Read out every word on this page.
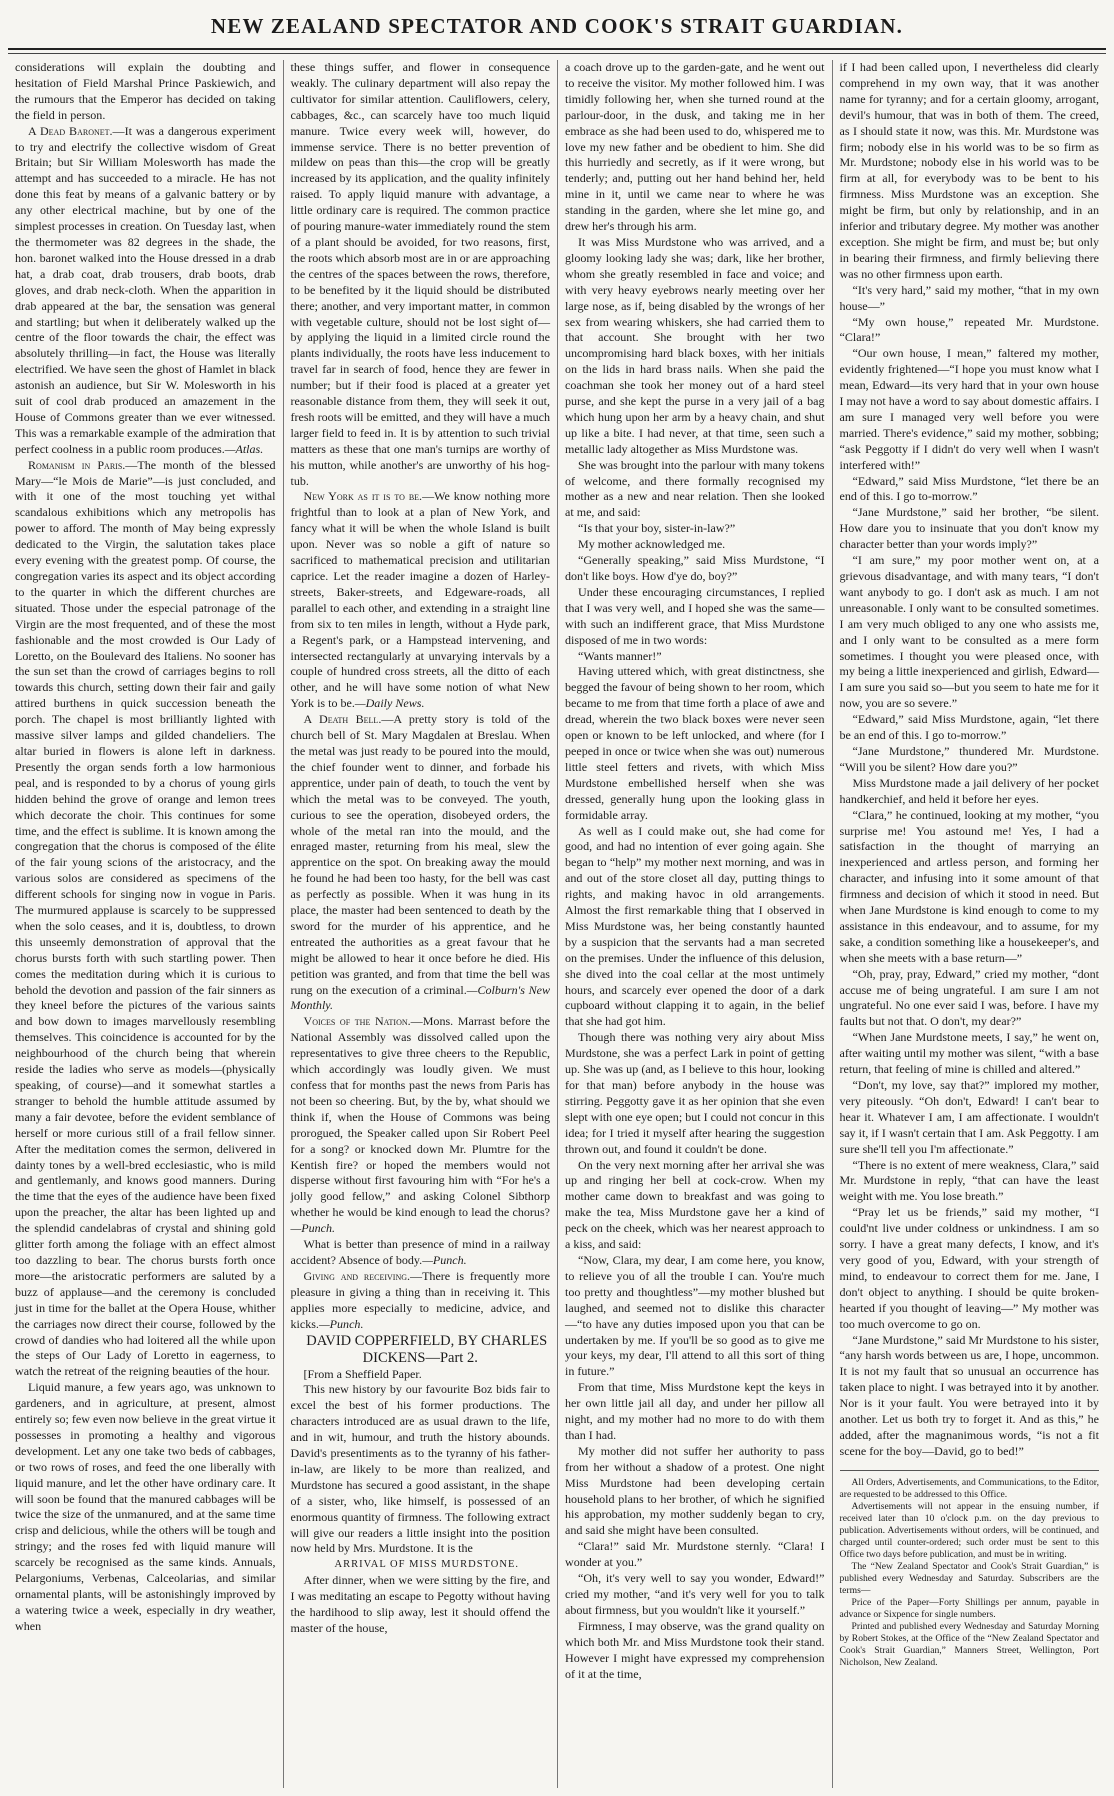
NEW ZEALAND SPECTATOR AND COOK'S STRAIT GUARDIAN.

considerations will explain the doubting and hesitation of Field Marshal Prince Paskiewich, and the rumours that the Emperor has decided on taking the field in person.

A Dead Baronet.—It was a dangerous experiment to try and electrify the collective wisdom of Great Britain; but Sir William Molesworth has made the attempt and has succeeded to a miracle. He has not done this feat by means of a galvanic battery or by any other electrical machine, but by one of the simplest processes in creation. On Tuesday last, when the thermometer was 82 degrees in the shade, the hon. baronet walked into the House dressed in a drab hat, a drab coat, drab trousers, drab boots, drab gloves, and drab neck-cloth. When the apparition in drab appeared at the bar, the sensation was general and startling; but when it deliberately walked up the centre of the floor towards the chair, the effect was absolutely thrilling—in fact, the House was literally electrified. We have seen the ghost of Hamlet in black astonish an audience, but Sir W. Molesworth in his suit of cool drab produced an amazement in the House of Commons greater than we ever witnessed. This was a remarkable example of the admiration that perfect coolness in a public room produces.—Atlas.

Romanism in Paris.—The month of the blessed Mary—“le Mois de Marie”—is just concluded, and with it one of the most touching yet withal scandalous exhibitions which any metropolis has power to afford. The month of May being expressly dedicated to the Virgin, the salutation takes place every evening with the greatest pomp. Of course, the congregation varies its aspect and its object according to the quarter in which the different churches are situated. Those under the especial patronage of the Virgin are the most frequented, and of these the most fashionable and the most crowded is Our Lady of Loretto, on the Boulevard des Italiens. No sooner has the sun set than the crowd of carriages begins to roll towards this church, setting down their fair and gaily attired burthens in quick succession beneath the porch. The chapel is most brilliantly lighted with massive silver lamps and gilded chandeliers. The altar buried in flowers is alone left in darkness. Presently the organ sends forth a low harmonious peal, and is responded to by a chorus of young girls hidden behind the grove of orange and lemon trees which decorate the choir. This continues for some time, and the effect is sublime. It is known among the congregation that the chorus is composed of the élite of the fair young scions of the aristocracy, and the various solos are considered as specimens of the different schools for singing now in vogue in Paris. The murmured applause is scarcely to be suppressed when the solo ceases, and it is, doubtless, to drown this unseemly demonstration of approval that the chorus bursts forth with such startling power. Then comes the meditation during which it is curious to behold the devotion and passion of the fair sinners as they kneel before the pictures of the various saints and bow down to images marvellously resembling themselves. This coincidence is accounted for by the neighbourhood of the church being that wherein reside the ladies who serve as models—(physically speaking, of course)—and it somewhat startles a stranger to behold the humble attitude assumed by many a fair devotee, before the evident semblance of herself or more curious still of a frail fellow sinner. After the meditation comes the sermon, delivered in dainty tones by a well-bred ecclesiastic, who is mild and gentlemanly, and knows good manners. During the time that the eyes of the audience have been fixed upon the preacher, the altar has been lighted up and the splendid candelabras of crystal and shining gold glitter forth among the foliage with an effect almost too dazzling to bear. The chorus bursts forth once more—the aristocratic performers are saluted by a buzz of applause—and the ceremony is concluded just in time for the ballet at the Opera House, whither the carriages now direct their course, followed by the crowd of dandies who had loitered all the while upon the steps of Our Lady of Loretto in eagerness, to watch the retreat of the reigning beauties of the hour.

Liquid manure, a few years ago, was unknown to gardeners, and in agriculture, at present, almost entirely so; few even now believe in the great virtue it possesses in promoting a healthy and vigorous development. Let any one take two beds of cabbages, or two rows of roses, and feed the one liberally with liquid manure, and let the other have ordinary care. It will soon be found that the manured cabbages will be twice the size of the unmanured, and at the same time crisp and delicious, while the others will be tough and stringy; and the roses fed with liquid manure will scarcely be recognised as the same kinds. Annuals, Pelargoniums, Verbenas, Calceolarias, and similar ornamental plants, will be astonishingly improved by a watering twice a week, especially in dry weather, when

these things suffer, and flower in consequence weakly. The culinary department will also repay the cultivator for similar attention. Cauliflowers, celery, cabbages, &c., can scarcely have too much liquid manure. Twice every week will, however, do immense service. There is no better prevention of mildew on peas than this—the crop will be greatly increased by its application, and the quality infinitely raised. To apply liquid manure with advantage, a little ordinary care is required. The common practice of pouring manure-water immediately round the stem of a plant should be avoided, for two reasons, first, the roots which absorb most are in or are approaching the centres of the spaces between the rows, therefore, to be benefited by it the liquid should be distributed there; another, and very important matter, in common with vegetable culture, should not be lost sight of—by applying the liquid in a limited circle round the plants individually, the roots have less inducement to travel far in search of food, hence they are fewer in number; but if their food is placed at a greater yet reasonable distance from them, they will seek it out, fresh roots will be emitted, and they will have a much larger field to feed in. It is by attention to such trivial matters as these that one man's turnips are worthy of his mutton, while another's are unworthy of his hog-tub.

New York as it is to be.—We know nothing more frightful than to look at a plan of New York, and fancy what it will be when the whole Island is built upon. Never was so noble a gift of nature so sacrificed to mathematical precision and utilitarian caprice. Let the reader imagine a dozen of Harley-streets, Baker-streets, and Edgeware-roads, all parallel to each other, and extending in a straight line from six to ten miles in length, without a Hyde park, a Regent's park, or a Hampstead intervening, and intersected rectangularly at unvarying intervals by a couple of hundred cross streets, all the ditto of each other, and he will have some notion of what New York is to be.—Daily News.

A Death Bell.—A pretty story is told of the church bell of St. Mary Magdalen at Breslau. When the metal was just ready to be poured into the mould, the chief founder went to dinner, and forbade his apprentice, under pain of death, to touch the vent by which the metal was to be conveyed. The youth, curious to see the operation, disobeyed orders, the whole of the metal ran into the mould, and the enraged master, returning from his meal, slew the apprentice on the spot. On breaking away the mould he found he had been too hasty, for the bell was cast as perfectly as possible. When it was hung in its place, the master had been sentenced to death by the sword for the murder of his apprentice, and he entreated the authorities as a great favour that he might be allowed to hear it once before he died. His petition was granted, and from that time the bell was rung on the execution of a criminal.—Colburn's New Monthly.

Voices of the Nation.—Mons. Marrast before the National Assembly was dissolved called upon the representatives to give three cheers to the Republic, which accordingly was loudly given. We must confess that for months past the news from Paris has not been so cheering. But, by the by, what should we think if, when the House of Commons was being prorogued, the Speaker called upon Sir Robert Peel for a song? or knocked down Mr. Plumtre for the Kentish fire? or hoped the members would not disperse without first favouring him with “For he's a jolly good fellow,” and asking Colonel Sibthorp whether he would be kind enough to lead the chorus?—Punch.

What is better than presence of mind in a railway accident? Absence of body.—Punch.

Giving and receiving.—There is frequently more pleasure in giving a thing than in receiving it. This applies more especially to medicine, advice, and kicks.—Punch.

DAVID COPPERFIELD, BY CHARLES DICKENS—Part 2.

[From a Sheffield Paper.

This new history by our favourite Boz bids fair to excel the best of his former productions. The characters introduced are as usual drawn to the life, and in wit, humour, and truth the history abounds. David's presentiments as to the tyranny of his father-in-law, are likely to be more than realized, and Murdstone has secured a good assistant, in the shape of a sister, who, like himself, is possessed of an enormous quantity of firmness. The following extract will give our readers a little insight into the position now held by Mrs. Murdstone. It is the

ARRIVAL OF MISS MURDSTONE.

After dinner, when we were sitting by the fire, and I was meditating an escape to Pegotty without having the hardihood to slip away, lest it should offend the master of the house,

a coach drove up to the garden-gate, and he went out to receive the visitor. My mother followed him. I was timidly following her, when she turned round at the parlour-door, in the dusk, and taking me in her embrace as she had been used to do, whispered me to love my new father and be obedient to him. She did this hurriedly and secretly, as if it were wrong, but tenderly; and, putting out her hand behind her, held mine in it, until we came near to where he was standing in the garden, where she let mine go, and drew her's through his arm.

It was Miss Murdstone who was arrived, and a gloomy looking lady she was; dark, like her brother, whom she greatly resembled in face and voice; and with very heavy eyebrows nearly meeting over her large nose, as if, being disabled by the wrongs of her sex from wearing whiskers, she had carried them to that account. She brought with her two uncompromising hard black boxes, with her initials on the lids in hard brass nails. When she paid the coachman she took her money out of a hard steel purse, and she kept the purse in a very jail of a bag which hung upon her arm by a heavy chain, and shut up like a bite. I had never, at that time, seen such a metallic lady altogether as Miss Murdstone was.

She was brought into the parlour with many tokens of welcome, and there formally recognised my mother as a new and near relation. Then she looked at me, and said:

“Is that your boy, sister-in-law?”

My mother acknowledged me.

“Generally speaking,” said Miss Murdstone, “I don't like boys. How d'ye do, boy?”

Under these encouraging circumstances, I replied that I was very well, and I hoped she was the same—with such an indifferent grace, that Miss Murdstone disposed of me in two words:

“Wants manner!”

Having uttered which, with great distinctness, she begged the favour of being shown to her room, which became to me from that time forth a place of awe and dread, wherein the two black boxes were never seen open or known to be left unlocked, and where (for I peeped in once or twice when she was out) numerous little steel fetters and rivets, with which Miss Murdstone embellished herself when she was dressed, generally hung upon the looking glass in formidable array.

As well as I could make out, she had come for good, and had no intention of ever going again. She began to “help” my mother next morning, and was in and out of the store closet all day, putting things to rights, and making havoc in old arrangements. Almost the first remarkable thing that I observed in Miss Murdstone was, her being constantly haunted by a suspicion that the servants had a man secreted on the premises. Under the influence of this delusion, she dived into the coal cellar at the most untimely hours, and scarcely ever opened the door of a dark cupboard without clapping it to again, in the belief that she had got him.

Though there was nothing very airy about Miss Murdstone, she was a perfect Lark in point of getting up. She was up (and, as I believe to this hour, looking for that man) before anybody in the house was stirring. Peggotty gave it as her opinion that she even slept with one eye open; but I could not concur in this idea; for I tried it myself after hearing the suggestion thrown out, and found it couldn't be done.

On the very next morning after her arrival she was up and ringing her bell at cock-crow. When my mother came down to breakfast and was going to make the tea, Miss Murdstone gave her a kind of peck on the cheek, which was her nearest approach to a kiss, and said:

“Now, Clara, my dear, I am come here, you know, to relieve you of all the trouble I can. You're much too pretty and thoughtless”—my mother blushed but laughed, and seemed not to dislike this character—“to have any duties imposed upon you that can be undertaken by me. If you'll be so good as to give me your keys, my dear, I'll attend to all this sort of thing in future.”

From that time, Miss Murdstone kept the keys in her own little jail all day, and under her pillow all night, and my mother had no more to do with them than I had.

My mother did not suffer her authority to pass from her without a shadow of a protest. One night Miss Murdstone had been developing certain household plans to her brother, of which he signified his approbation, my mother suddenly began to cry, and said she might have been consulted.

“Clara!” said Mr. Murdstone sternly. “Clara! I wonder at you.”

“Oh, it's very well to say you wonder, Edward!” cried my mother, “and it's very well for you to talk about firmness, but you wouldn't like it yourself.”

Firmness, I may observe, was the grand quality on which both Mr. and Miss Murdstone took their stand. However I might have expressed my comprehension of it at the time,

if I had been called upon, I nevertheless did clearly comprehend in my own way, that it was another name for tyranny; and for a certain gloomy, arrogant, devil's humour, that was in both of them. The creed, as I should state it now, was this. Mr. Murdstone was firm; nobody else in his world was to be so firm as Mr. Murdstone; nobody else in his world was to be firm at all, for everybody was to be bent to his firmness. Miss Murdstone was an exception. She might be firm, but only by relationship, and in an inferior and tributary degree. My mother was another exception. She might be firm, and must be; but only in bearing their firmness, and firmly believing there was no other firmness upon earth.

“It's very hard,” said my mother, “that in my own house—”

“My own house,” repeated Mr. Murdstone. “Clara!”

“Our own house, I mean,” faltered my mother, evidently frightened—“I hope you must know what I mean, Edward—its very hard that in your own house I may not have a word to say about domestic affairs. I am sure I managed very well before you were married. There's evidence,” said my mother, sobbing; “ask Peggotty if I didn't do very well when I wasn't interfered with!”

“Edward,” said Miss Murdstone, “let there be an end of this. I go to-morrow.”

“Jane Murdstone,” said her brother, “be silent. How dare you to insinuate that you don't know my character better than your words imply?”

“I am sure,” my poor mother went on, at a grievous disadvantage, and with many tears, “I don't want anybody to go. I don't ask as much. I am not unreasonable. I only want to be consulted sometimes. I am very much obliged to any one who assists me, and I only want to be consulted as a mere form sometimes. I thought you were pleased once, with my being a little inexperienced and girlish, Edward—I am sure you said so—but you seem to hate me for it now, you are so severe.”

“Edward,” said Miss Murdstone, again, “let there be an end of this. I go to-morrow.”

“Jane Murdstone,” thundered Mr. Murdstone. “Will you be silent? How dare you?”

Miss Murdstone made a jail delivery of her pocket handkerchief, and held it before her eyes.

“Clara,” he continued, looking at my mother, “you surprise me! You astound me! Yes, I had a satisfaction in the thought of marrying an inexperienced and artless person, and forming her character, and infusing into it some amount of that firmness and decision of which it stood in need. But when Jane Murdstone is kind enough to come to my assistance in this endeavour, and to assume, for my sake, a condition something like a housekeeper's, and when she meets with a base return—”

“Oh, pray, pray, Edward,” cried my mother, “dont accuse me of being ungrateful. I am sure I am not ungrateful. No one ever said I was, before. I have my faults but not that. O don't, my dear?”

“When Jane Murdstone meets, I say,” he went on, after waiting until my mother was silent, “with a base return, that feeling of mine is chilled and altered.”

“Don't, my love, say that?” implored my mother, very piteously. “Oh don't, Edward! I can't bear to hear it. Whatever I am, I am affectionate. I wouldn't say it, if I wasn't certain that I am. Ask Peggotty. I am sure she'll tell you I'm affectionate.”

“There is no extent of mere weakness, Clara,” said Mr. Murdstone in reply, “that can have the least weight with me. You lose breath.”

“Pray let us be friends,” said my mother, “I could'nt live under coldness or unkindness. I am so sorry. I have a great many defects, I know, and it's very good of you, Edward, with your strength of mind, to endeavour to correct them for me. Jane, I don't object to anything. I should be quite broken-hearted if you thought of leaving—” My mother was too much overcome to go on.

“Jane Murdstone,” said Mr Murdstone to his sister, “any harsh words between us are, I hope, uncommon. It is not my fault that so unusual an occurrence has taken place to night. I was betrayed into it by another. Nor is it your fault. You were betrayed into it by another. Let us both try to forget it. And as this,” he added, after the magnanimous words, “is not a fit scene for the boy—David, go to bed!”

All Orders, Advertisements, and Communications, to the Editor, are requested to be addressed to this Office.

Advertisements will not appear in the ensuing number, if received later than 10 o'clock p.m. on the day previous to publication. Advertisements without orders, will be continued, and charged until counter-ordered; such order must be sent to this Office two days before publication, and must be in writing.

The “New Zealand Spectator and Cook's Strait Guardian,” is published every Wednesday and Saturday. Subscribers are the terms—

Price of the Paper—Forty Shillings per annum, payable in advance or Sixpence for single numbers.

Printed and published every Wednesday and Saturday Morning by Robert Stokes, at the Office of the “New Zealand Spectator and Cook's Strait Guardian,” Manners Street, Wellington, Port Nicholson, New Zealand.
